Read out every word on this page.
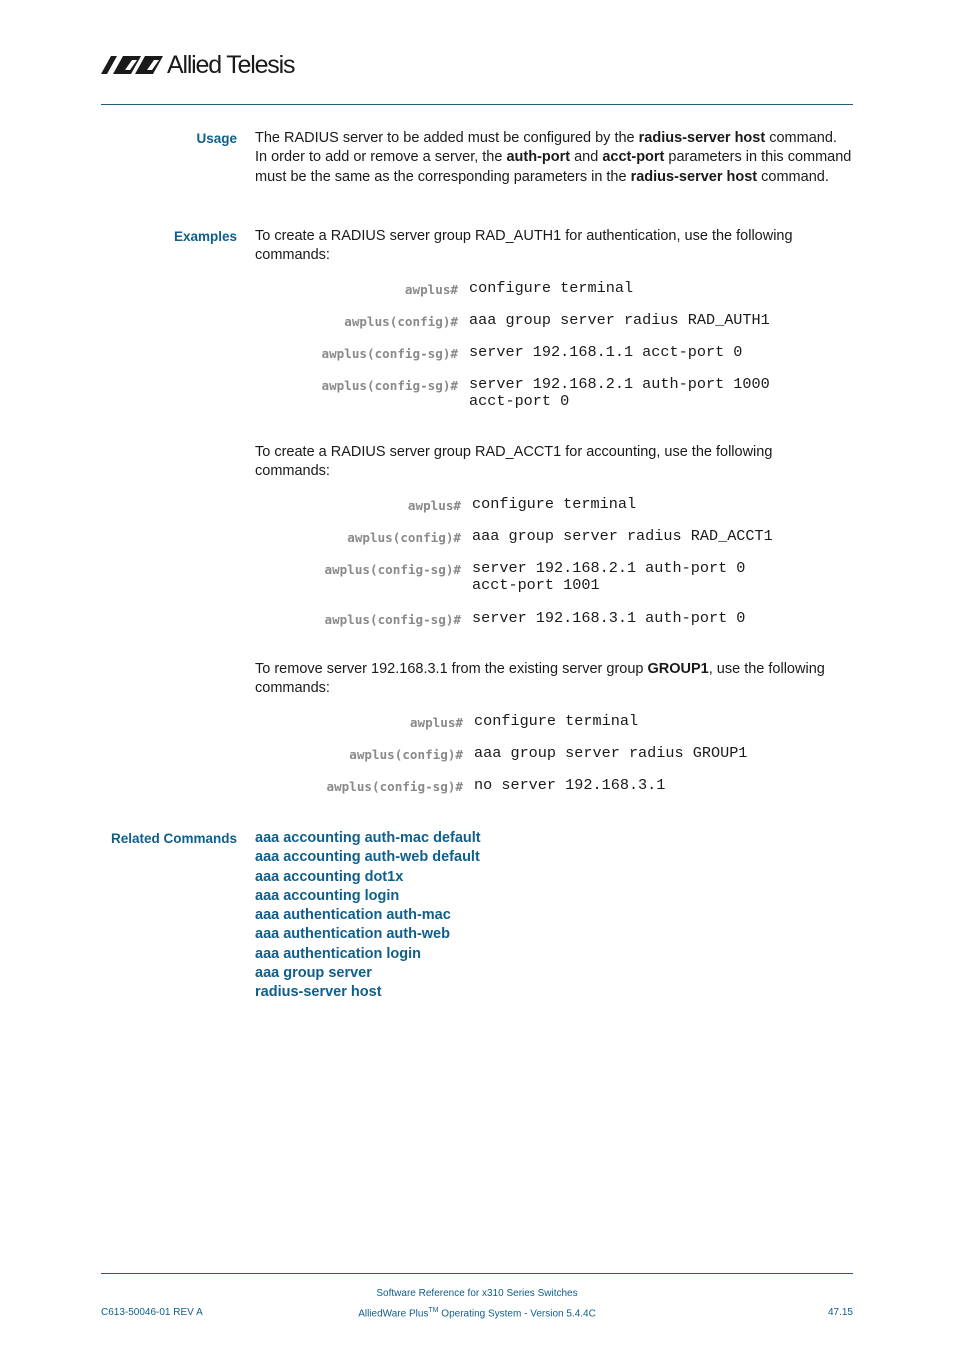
Allied Telesis
Usage The RADIUS server to be added must be configured by the radius-server host command. In order to add or remove a server, the auth-port and acct-port parameters in this command must be the same as the corresponding parameters in the radius-server host command.
Examples To create a RADIUS server group RAD_AUTH1 for authentication, use the following commands:
awplus# configure terminal
awplus(config)# aaa group server radius RAD_AUTH1
awplus(config-sg)# server 192.168.1.1 acct-port 0
awplus(config-sg)# server 192.168.2.1 auth-port 1000
acct-port 0
To create a RADIUS server group RAD_ACCT1 for accounting, use the following commands:
awplus# configure terminal
awplus(config)# aaa group server radius RAD_ACCT1
awplus(config-sg)# server 192.168.2.1 auth-port 0
acct-port 1001
awplus(config-sg)# server 192.168.3.1 auth-port 0
To remove server 192.168.3.1 from the existing server group GROUP1, use the following commands:
awplus# configure terminal
awplus(config)# aaa group server radius GROUP1
awplus(config-sg)# no server 192.168.3.1
Related Commands aaa accounting auth-mac default
aaa accounting auth-web default
aaa accounting dot1x
aaa accounting login
aaa authentication auth-mac
aaa authentication auth-web
aaa authentication login
aaa group server
radius-server host
C613-50046-01 REV A
Software Reference for x310 Series Switches
AlliedWare Plus™ Operating System - Version 5.4.4C	47.15
